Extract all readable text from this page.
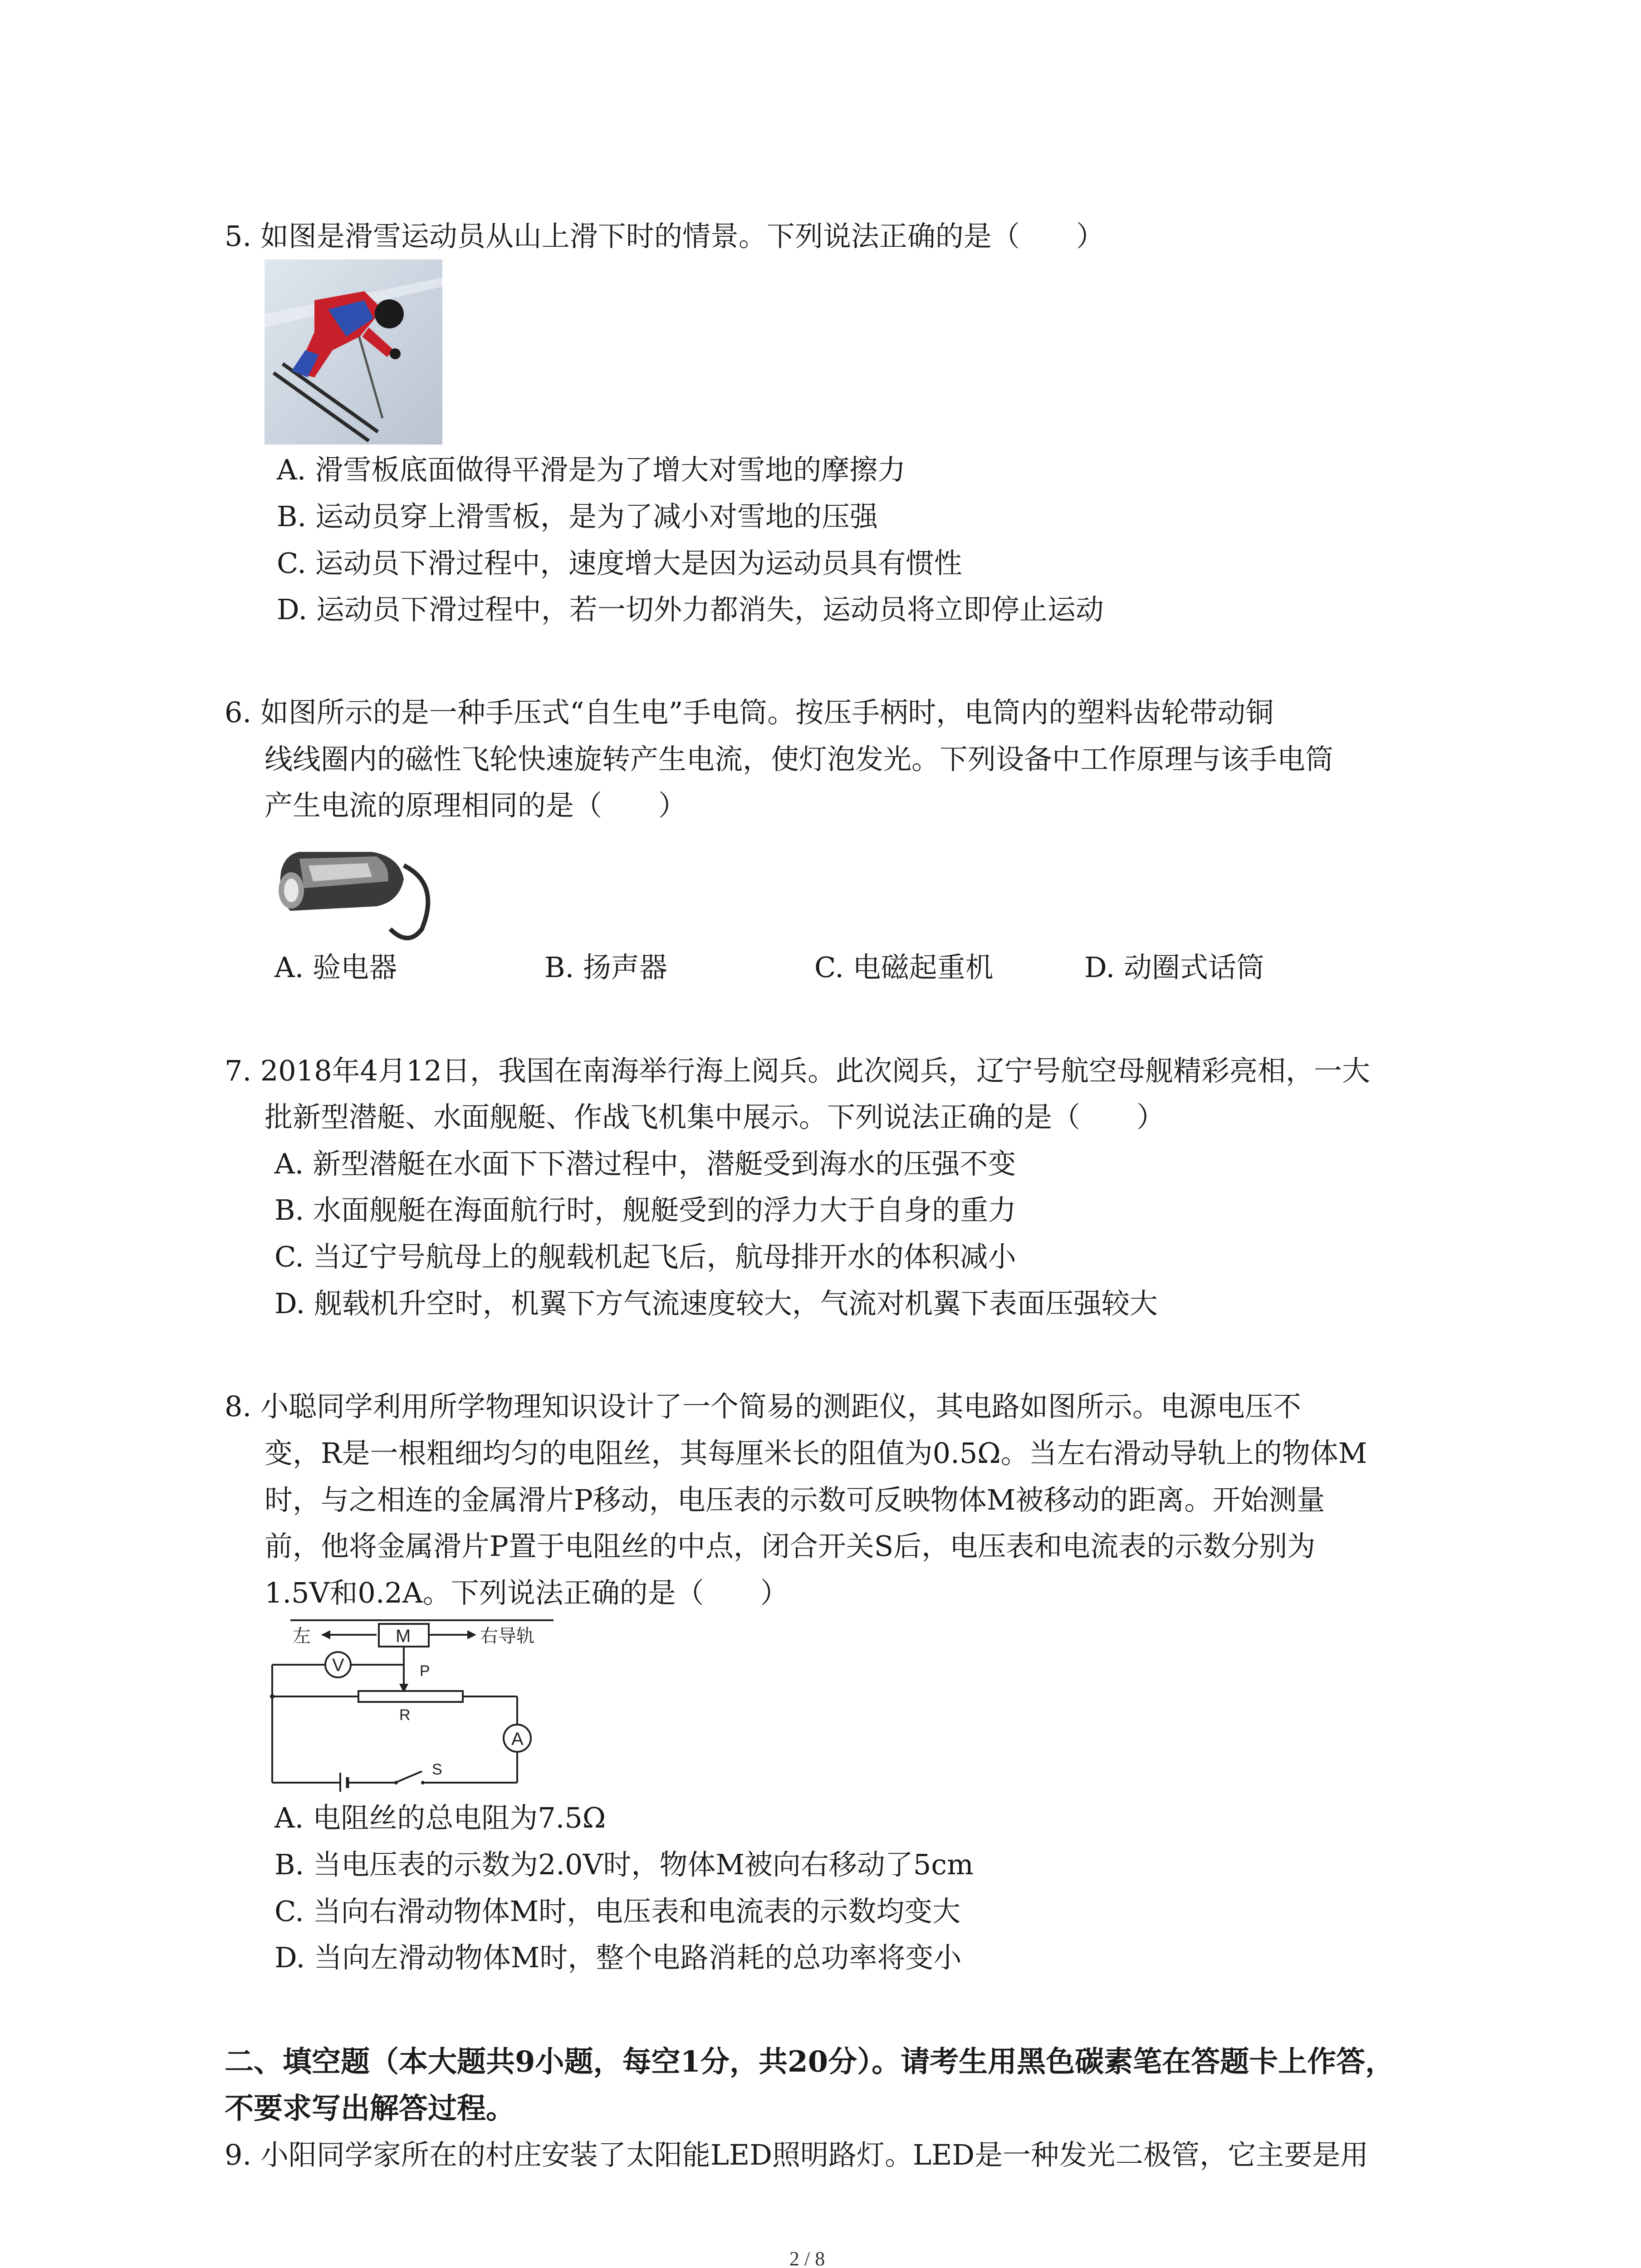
5. 如图是滑雪运动员从山上滑下时的情景。下列说法正确的是（　　）
A. 滑雪板底面做得平滑是为了增大对雪地的摩擦力
B. 运动员穿上滑雪板，是为了减小对雪地的压强
C. 运动员下滑过程中，速度增大是因为运动员具有惯性
D. 运动员下滑过程中，若一切外力都消失，运动员将立即停止运动
6. 如图所示的是一种手压式“自生电”手电筒。按压手柄时，电筒内的塑料齿轮带动铜
线线圈内的磁性飞轮快速旋转产生电流，使灯泡发光。下列设备中工作原理与该手电筒
产生电流的原理相同的是（　　）
A. 验电器	B. 扬声器	C. 电磁起重机	D. 动圈式话筒
7. 2018年4月12日，我国在南海举行海上阅兵。此次阅兵，辽宁号航空母舰精彩亮相，一大
批新型潜艇、水面舰艇、作战飞机集中展示。下列说法正确的是（　　）
A. 新型潜艇在水面下下潜过程中，潜艇受到海水的压强不变
B. 水面舰艇在海面航行时，舰艇受到的浮力大于自身的重力
C. 当辽宁号航母上的舰载机起飞后，航母排开水的体积减小
D. 舰载机升空时，机翼下方气流速度较大，气流对机翼下表面压强较大
8. 小聪同学利用所学物理知识设计了一个简易的测距仪，其电路如图所示。电源电压不
变，R是一根粗细均匀的电阻丝，其每厘米长的阻值为0.5Ω。当左右滑动导轨上的物体M
时，与之相连的金属滑片P移动，电压表的示数可反映物体M被移动的距离。开始测量
前，他将金属滑片P置于电阻丝的中点，闭合开关S后，电压表和电流表的示数分别为
1.5V和0.2A。下列说法正确的是（　　）
左	M	右导轨
V	P
R
A
S
A. 电阻丝的总电阻为7.5Ω
B. 当电压表的示数为2.0V时，物体M被向右移动了5cm
C. 当向右滑动物体M时，电压表和电流表的示数均变大
D. 当向左滑动物体M时，整个电路消耗的总功率将变小
二、填空题（本大题共9小题，每空1分，共20分）。请考生用黑色碳素笔在答题卡上作答，
不要求写出解答过程。
9. 小阳同学家所在的村庄安装了太阳能LED照明路灯。LED是一种发光二极管，它主要是用
2 / 8
